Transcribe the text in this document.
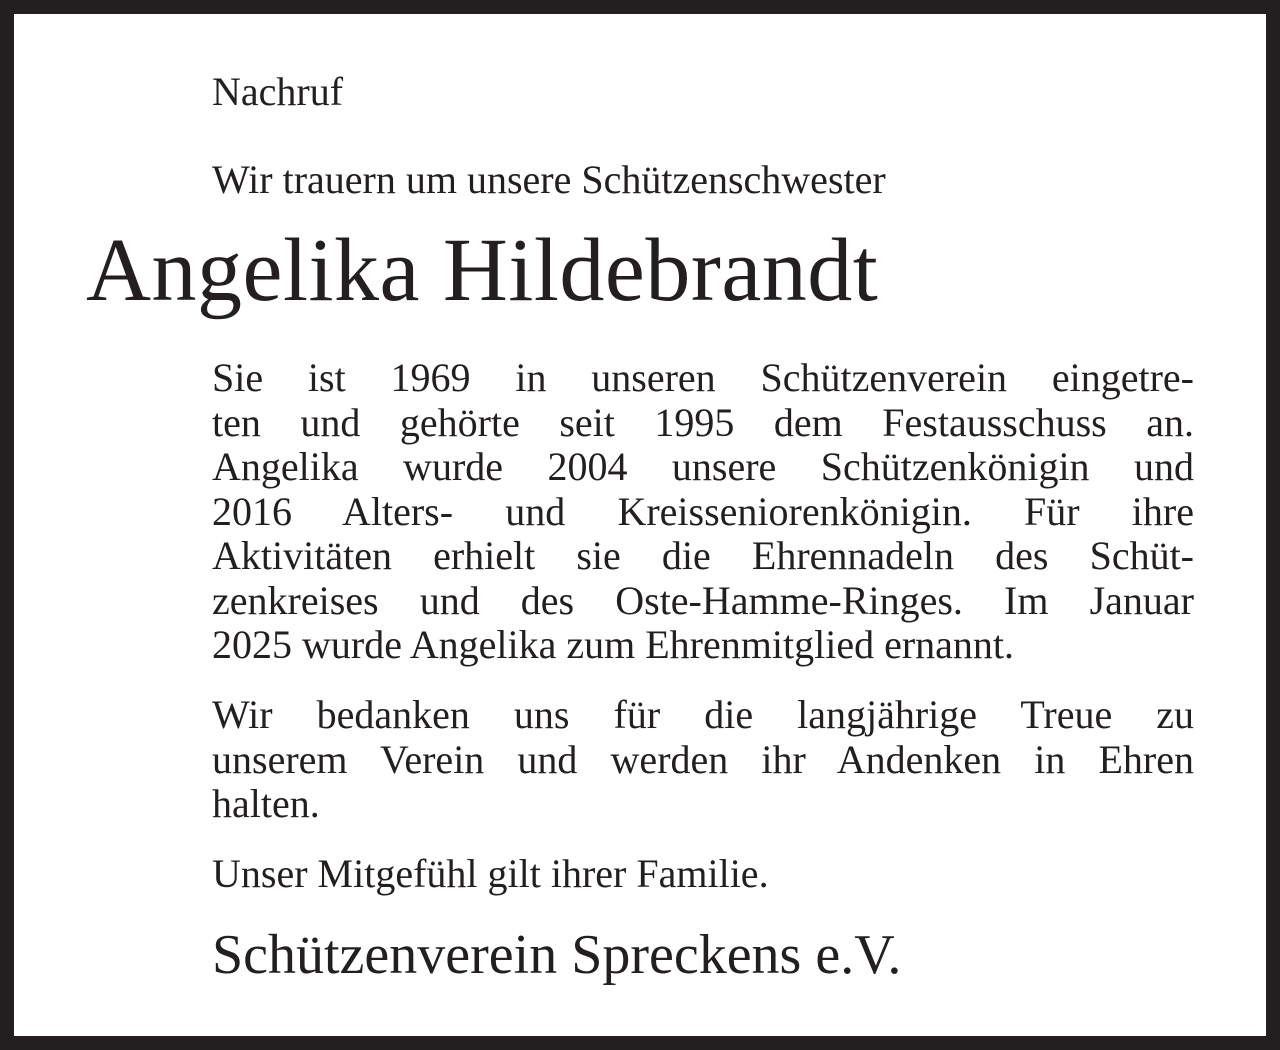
Nachruf

Wir trauern um unsere Schützenschwester

Angelika Hildebrandt

Sie ist 1969 in unseren Schützenverein eingetre-
ten und gehörte seit 1995 dem Festausschuss an.
Angelika wurde 2004 unsere Schützenkönigin und
2016 Alters- und Kreisseniorenkönigin. Für ihre
Aktivitäten erhielt sie die Ehrennadeln des Schüt-
zenkreises und des Oste-Hamme-Ringes. Im Januar
2025 wurde Angelika zum Ehrenmitglied ernannt.
Wir bedanken uns für die langjährige Treue zu
unserem Verein und werden ihr Andenken in Ehren
halten.

Unser Mitgefühl gilt ihrer Familie.

Schützenverein Spreckens e.V.
